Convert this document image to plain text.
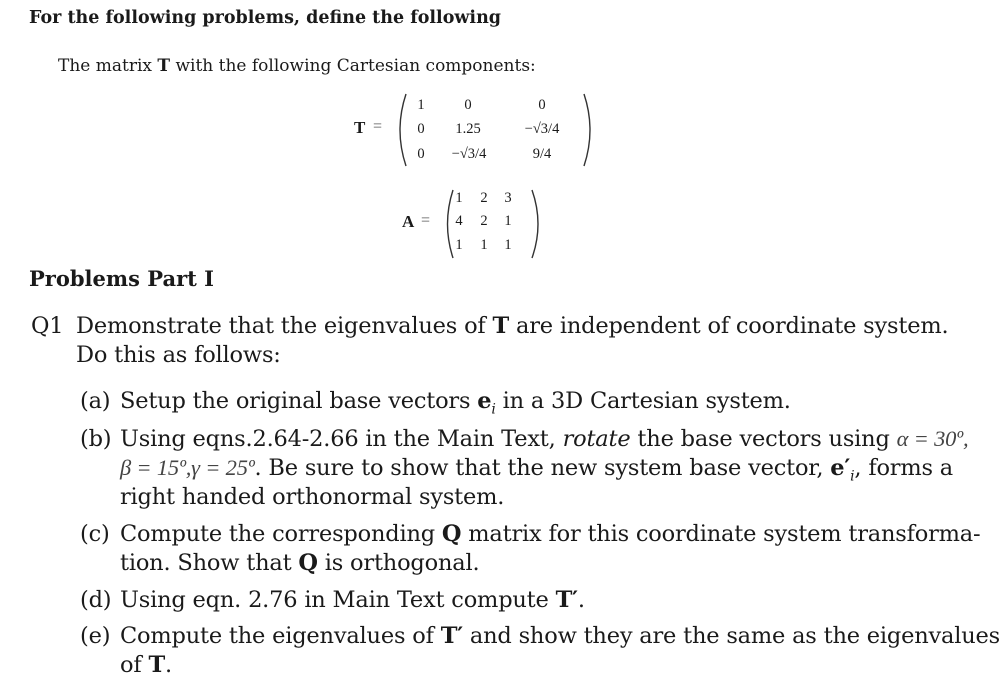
For the following problems, define the following
The matrix T with the following Cartesian components:
T =
1	0	0
0	1.25	−√3/4
0	−√3/4	9/4
A =
1	2	3
4	2	1
1	1	1
Problems Part I
Q1 Demonstrate that the eigenvalues of T are independent of coordinate system.
Do this as follows:
(a) Setup the original base vectors $e_i$ in a 3D Cartesian system.
(b) Using eqns.2.64-2.66 in the Main Text, rotate the base vectors using α = 30º,
β = 15º,γ = 25º. Be sure to show that the new system base vector, $e'_i$, forms a
right handed orthonormal system.
(c) Compute the corresponding Q matrix for this coordinate system transforma-
tion. Show that Q is orthogonal.
(d) Using eqn. 2.76 in Main Text compute T′.
(e) Compute the eigenvalues of T′ and show they are the same as the eigenvalues
of T.
